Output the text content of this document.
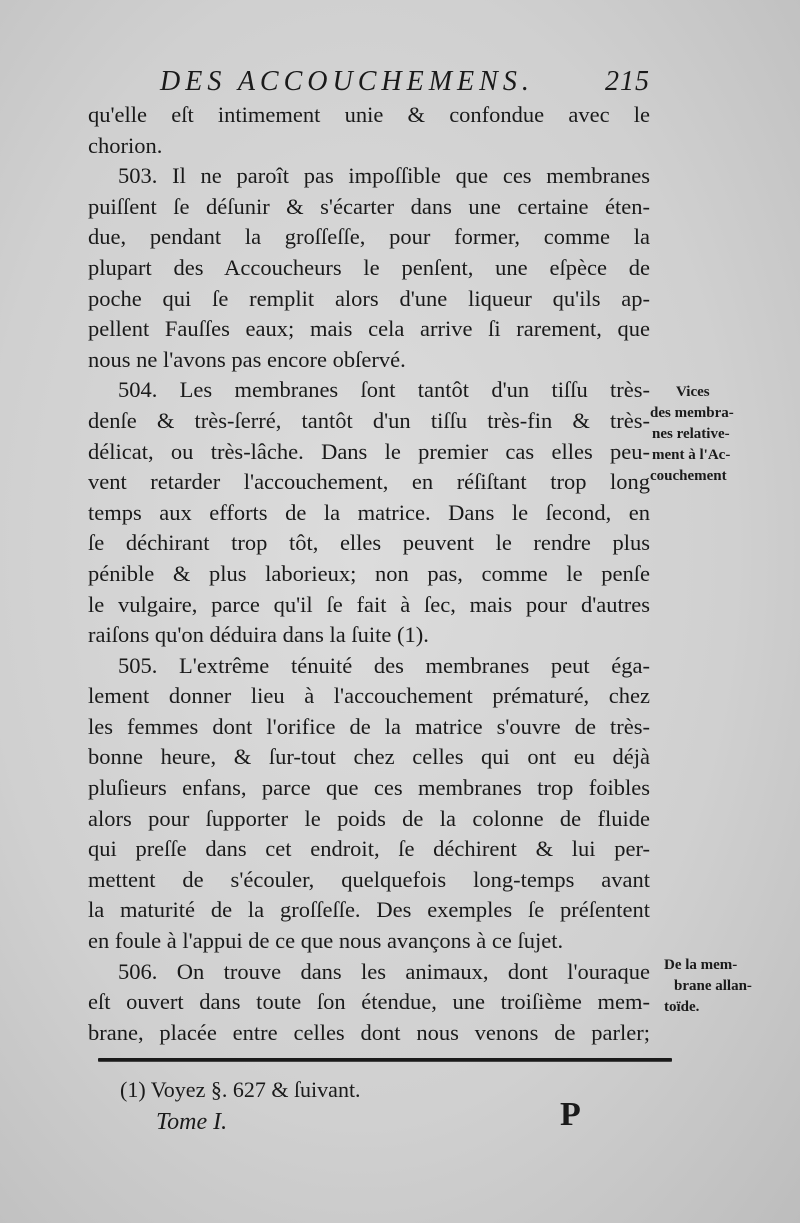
DES ACCOUCHEMENS.	215
qu'elle eſt intimement unie & confondue avec le
chorion.
503. Il ne paroît pas impoſſible que ces membranes
puiſſent ſe déſunir & s'écarter dans une certaine éten-
due, pendant la groſſeſſe, pour former, comme la
plupart des Accoucheurs le penſent, une eſpèce de
poche qui ſe remplit alors d'une liqueur qu'ils ap-
pellent Fauſſes eaux; mais cela arrive ſi rarement, que
nous ne l'avons pas encore obſervé.
504. Les membranes ſont tantôt d'un tiſſu très-
denſe & très-ſerré, tantôt d'un tiſſu très-fin & très-
délicat, ou très-lâche. Dans le premier cas elles peu-
vent retarder l'accouchement, en réſiſtant trop long
temps aux efforts de la matrice. Dans le ſecond, en
ſe déchirant trop tôt, elles peuvent le rendre plus
pénible & plus laborieux; non pas, comme le penſe
le vulgaire, parce qu'il ſe fait à ſec, mais pour d'autres
raiſons qu'on déduira dans la ſuite (1).
505. L'extrême ténuité des membranes peut éga-
lement donner lieu à l'accouchement prématuré, chez
les femmes dont l'orifice de la matrice s'ouvre de très-
bonne heure, & ſur-tout chez celles qui ont eu déjà
pluſieurs enfans, parce que ces membranes trop foibles
alors pour ſupporter le poids de la colonne de fluide
qui preſſe dans cet endroit, ſe déchirent & lui per-
mettent de s'écouler, quelquefois long-temps avant
la maturité de la groſſeſſe. Des exemples ſe préſentent
en foule à l'appui de ce que nous avançons à ce ſujet.
506. On trouve dans les animaux, dont l'ouraque
eſt ouvert dans toute ſon étendue, une troiſième mem-
brane, placée entre celles dont nous venons de parler;
Vices
des membra-
nes relative-
ment à l'Ac-
couchement
De la mem-
brane allan-
toïde.
(1) Voyez §. 627 & ſuivant.
Tome I.	P
